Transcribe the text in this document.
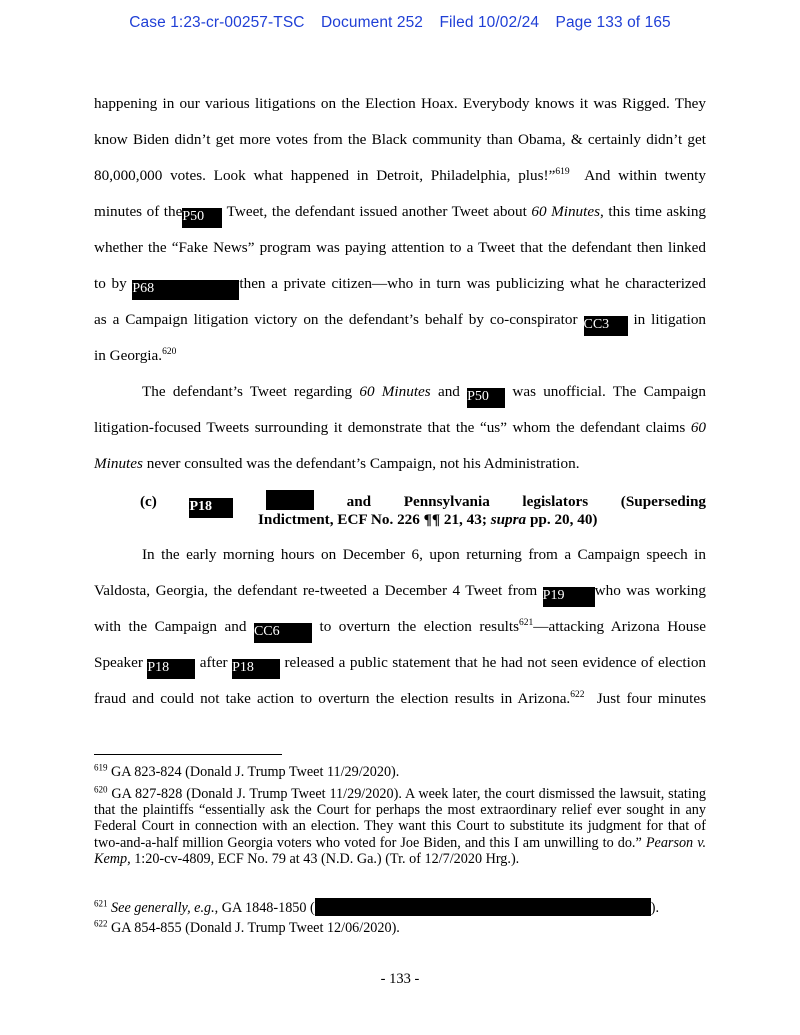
Case 1:23-cr-00257-TSC Document 252 Filed 10/02/24 Page 133 of 165
happening in our various litigations on the Election Hoax. Everybody knows it was Rigged. They
know Biden didn’t get more votes from the Black community than Obama, & certainly didn’t get
80,000,000 votes. Look what happened in Detroit, Philadelphia, plus!”$^{619}$ And within twenty
minutes of theP50 Tweet, the defendant issued another Tweet about 60 Minutes, this time asking
whether the “Fake News” program was paying attention to a Tweet that the defendant then linked
to by P68	then a private citizen—who in turn was publicizing what he characterized
as a Campaign litigation victory on the defendant’s behalf by co-conspirator CC3 in litigation
in Georgia.$^{620}$
The defendant’s Tweet regarding 60 Minutes and P50 was unofficial. The Campaign
litigation-focused Tweets surrounding it demonstrate that the “us” whom the defendant claims 60
Minutes never consulted was the defendant’s Campaign, not his Administration.
In the early morning hours on December 6, upon returning from a Campaign speech in
Valdosta, Georgia, the defendant re-tweeted a December 4 Tweet from P19 who was working
with the Campaign and CC6	to overturn the election results$^{621}$—attacking Arizona House
Speaker P18 after P18 released a public statement that he had not seen evidence of election
fraud and could not take action to overturn the election results in Arizona.$^{622}$ Just four minutes
(c) P18	and Pennsylvania legislators (Superseding
Indictment, ECF No. 226 ¶¶ 21, 43; supra pp. 20, 40)
$^{619}$ GA 823-824 (Donald J. Trump Tweet 11/29/2020).
$^{620}$ GA 827-828 (Donald J. Trump Tweet 11/29/2020). A week later, the court dismissed the lawsuit, stating that the plaintiffs “essentially ask the Court for perhaps the most extraordinary relief ever sought in any Federal Court in connection with an election. They want this Court to substitute its judgment for that of two-and-a-half million Georgia voters who voted for Joe Biden, and this I am unwilling to do.” Pearson v. Kemp, 1:20-cv-4809, ECF No. 79 at 43 (N.D. Ga.) (Tr. of 12/7/2020 Hrg.).
$^{621}$ See generally, e.g., GA 1848-1850 (	).
$^{622}$ GA 854-855 (Donald J. Trump Tweet 12/06/2020).
- 133 -
